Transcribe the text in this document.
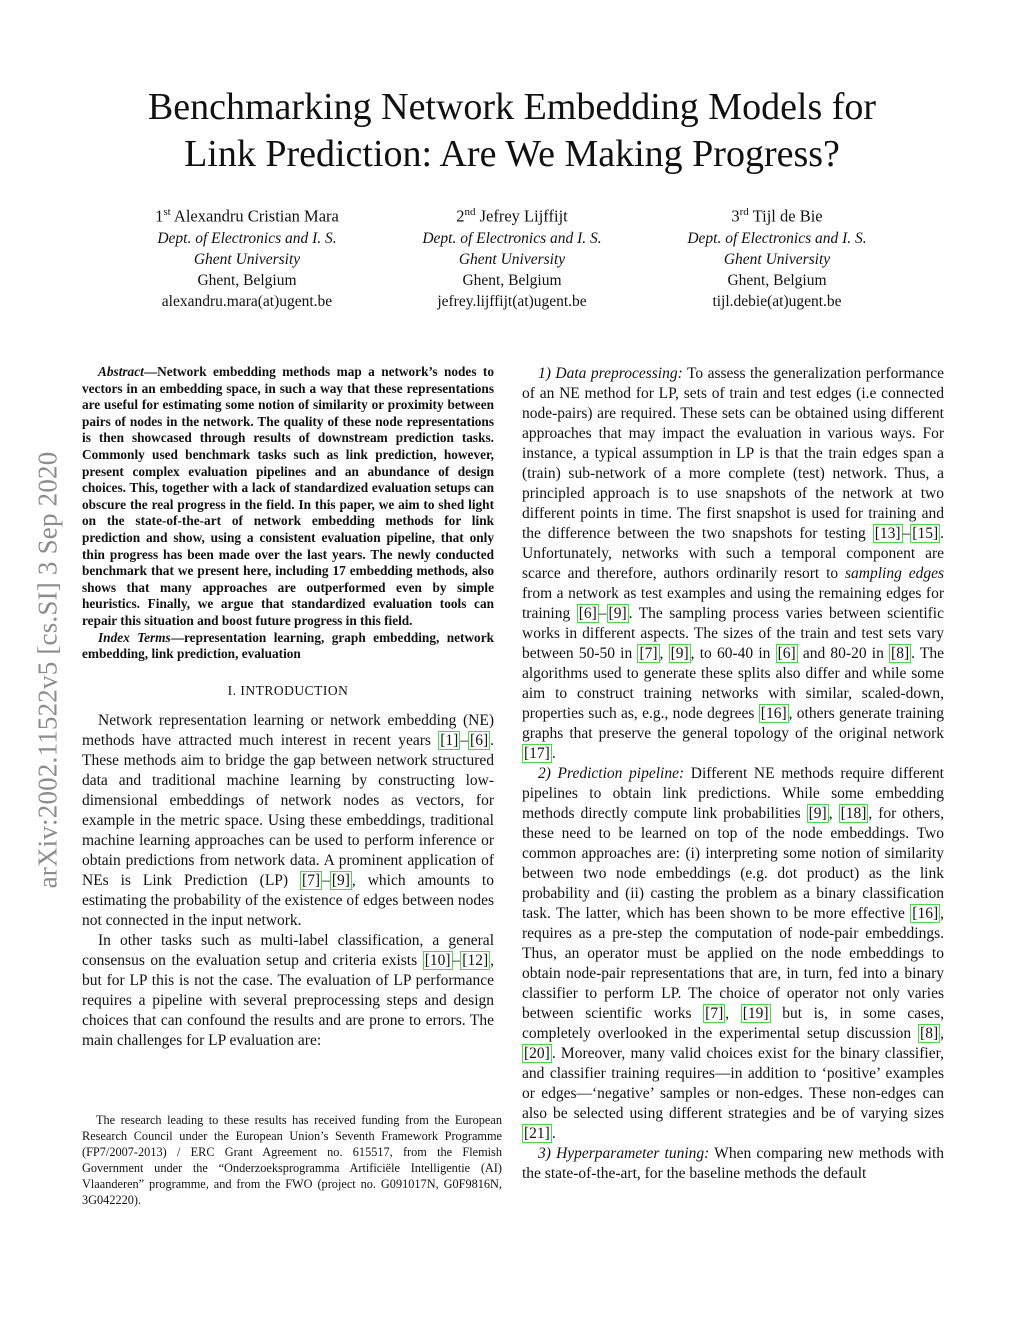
arXiv:2002.11522v5 [cs.SI] 3 Sep 2020
Benchmarking Network Embedding Models for
Link Prediction: Are We Making Progress?
1st Alexandru Cristian Mara
Dept. of Electronics and I. S.
Ghent University
Ghent, Belgium
alexandru.mara(at)ugent.be
2nd Jefrey Lijffijt
Dept. of Electronics and I. S.
Ghent University
Ghent, Belgium
jefrey.lijffijt(at)ugent.be
3rd Tijl de Bie
Dept. of Electronics and I. S.
Ghent University
Ghent, Belgium
tijl.debie(at)ugent.be

Abstract—Network embedding methods map a network’s nodes to vectors in an embedding space, in such a way that these representations are useful for estimating some notion of similarity or proximity between pairs of nodes in the network. The quality of these node representations is then showcased through results of downstream prediction tasks. Commonly used benchmark tasks such as link prediction, however, present complex evaluation pipelines and an abundance of design choices. This, together with a lack of standardized evaluation setups can obscure the real progress in the field. In this paper, we aim to shed light on the state-of-the-art of network embedding methods for link prediction and show, using a consistent evaluation pipeline, that only thin progress has been made over the last years. The newly conducted benchmark that we present here, including 17 embedding methods, also shows that many approaches are outperformed even by simple heuristics. Finally, we argue that standardized evaluation tools can repair this situation and boost future progress in this field.

Index Terms—representation learning, graph embedding, network embedding, link prediction, evaluation

I. INTRODUCTION

Network representation learning or network embedding (NE) methods have attracted much interest in recent years [1] – [6] . These methods aim to bridge the gap between network structured data and traditional machine learning by constructing low-dimensional embeddings of network nodes as vectors, for example in the metric space. Using these embeddings, traditional machine learning approaches can be used to perform inference or obtain predictions from network data. A prominent application of NEs is Link Prediction (LP) [7] – [9] , which amounts to estimating the probability of the existence of edges between nodes not connected in the input network.

In other tasks such as multi-label classification, a general consensus on the evaluation setup and criteria exists [10] – [12] , but for LP this is not the case. The evaluation of LP performance requires a pipeline with several preprocessing steps and design choices that can confound the results and are prone to errors. The main challenges for LP evaluation are:

The research leading to these results has received funding from the European Research Council under the European Union’s Seventh Framework Programme (FP7/2007-2013) / ERC Grant Agreement no. 615517, from the Flemish Government under the “Onderzoeksprogramma Artificiële Intelligentie (AI) Vlaanderen” programme, and from the FWO (project no. G091017N, G0F9816N, 3G042220).

1) Data preprocessing: To assess the generalization performance of an NE method for LP, sets of train and test edges (i.e connected node-pairs) are required. These sets can be obtained using different approaches that may impact the evaluation in various ways. For instance, a typical assumption in LP is that the train edges span a (train) sub-network of a more complete (test) network. Thus, a principled approach is to use snapshots of the network at two different points in time. The first snapshot is used for training and the difference between the two snapshots for testing [13] – [15] . Unfortunately, networks with such a temporal component are scarce and therefore, authors ordinarily resort to sampling edges from a network as test examples and using the remaining edges for training [6] – [9] . The sampling process varies between scientific works in different aspects. The sizes of the train and test sets vary between 50-50 in [7] , [9] , to 60-40 in [6] and 80-20 in [8] . The algorithms used to generate these splits also differ and while some aim to construct training networks with similar, scaled-down, properties such as, e.g., node degrees [16] , others generate training graphs that preserve the general topology of the original network [17] .

2) Prediction pipeline: Different NE methods require different pipelines to obtain link predictions. While some embedding methods directly compute link probabilities [9] , [18] , for others, these need to be learned on top of the node embeddings. Two common approaches are: (i) interpreting some notion of similarity between two node embeddings (e.g. dot product) as the link probability and (ii) casting the problem as a binary classification task. The latter, which has been shown to be more effective [16] , requires as a pre-step the computation of node-pair embeddings. Thus, an operator must be applied on the node embeddings to obtain node-pair representations that are, in turn, fed into a binary classifier to perform LP. The choice of operator not only varies between scientific works [7] , [19] but is, in some cases, completely overlooked in the experimental setup discussion [8] , [20] . Moreover, many valid choices exist for the binary classifier, and classifier training requires—in addition to ‘positive’ examples or edges—‘negative’ samples or non-edges. These non-edges can also be selected using different strategies and be of varying sizes [21] .

3) Hyperparameter tuning: When comparing new methods with the state-of-the-art, for the baseline methods the default
